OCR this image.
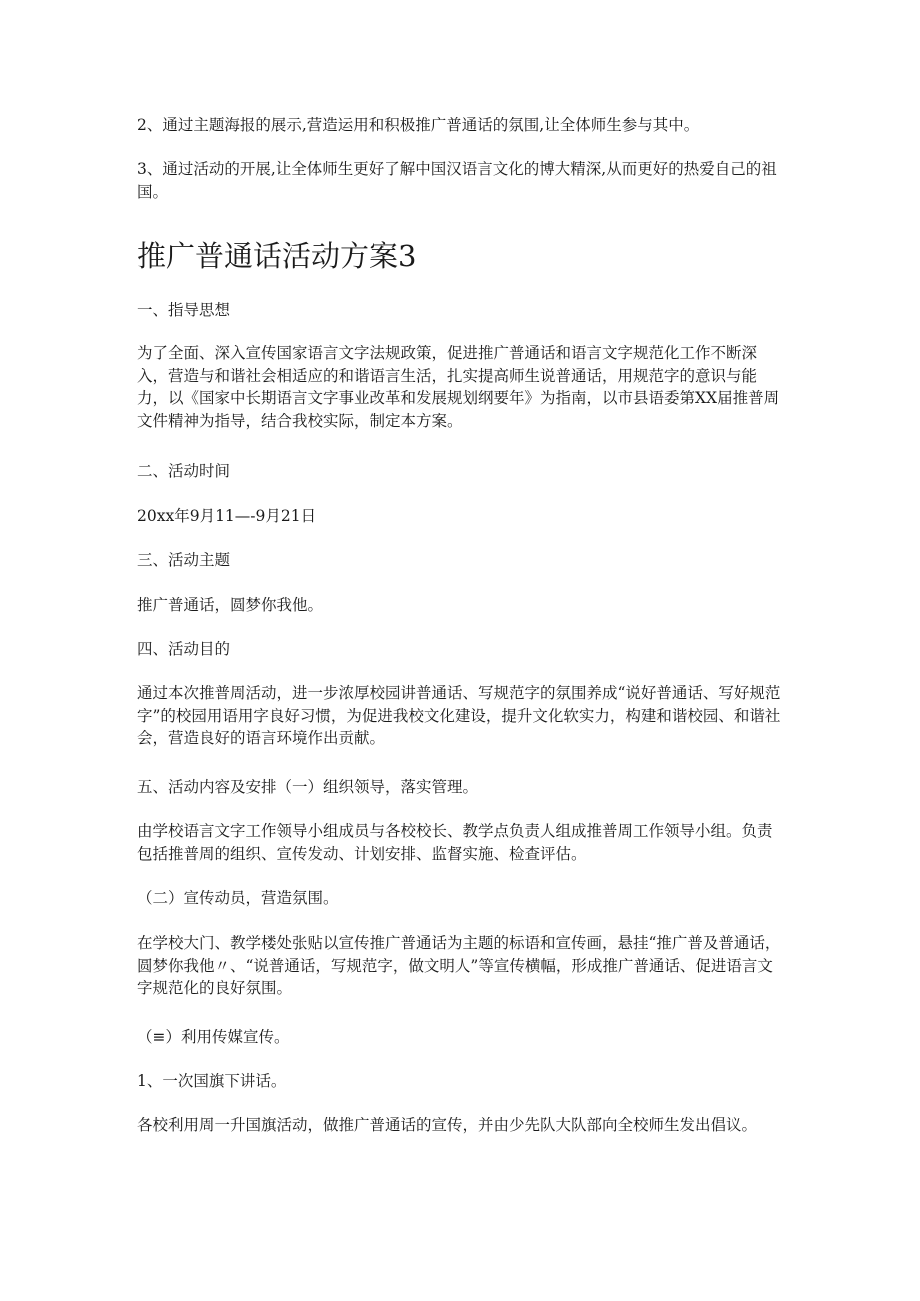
2、通过主题海报的展示,营造运用和积极推广普通话的氛围,让全体师生参与其中。

3、通过活动的开展,让全体师生更好了解中国汉语言文化的博大精深,从而更好的热爱自己的祖国。

推广普通话活动方案3

一、指导思想

为了全面、深入宣传国家语言文字法规政策，促进推广普通话和语言文字规范化工作不断深入，营造与和谐社会相适应的和谐语言生活，扎实提高师生说普通话，用规范字的意识与能力，以《国家中长期语言文字事业改革和发展规划纲要年》为指南，以市县语委第XX届推普周文件精神为指导，结合我校实际，制定本方案。

二、活动时间

20xx年9月11—-9月21日

三、活动主题

推广普通话，圆梦你我他。

四、活动目的

通过本次推普周活动，进一步浓厚校园讲普通话、写规范字的氛围养成“说好普通话、写好规范字”的校园用语用字良好习惯，为促进我校文化建设，提升文化软实力，构建和谐校园、和谐社会，营造良好的语言环境作出贡献。

五、活动内容及安排（一）组织领导，落实管理。

由学校语言文字工作领导小组成员与各校校长、教学点负责人组成推普周工作领导小组。负责包括推普周的组织、宣传发动、计划安排、监督实施、检查评估。

（二）宣传动员，营造氛围。

在学校大门、教学楼处张贴以宣传推广普通话为主题的标语和宣传画，悬挂“推广普及普通话，圆梦你我他〃、“说普通话，写规范字，做文明人”等宣传横幅，形成推广普通话、促进语言文字规范化的良好氛围。

（≡）利用传媒宣传。

1、一次国旗下讲话。

各校利用周一升国旗活动，做推广普通话的宣传，并由少先队大队部向全校师生发出倡议。
